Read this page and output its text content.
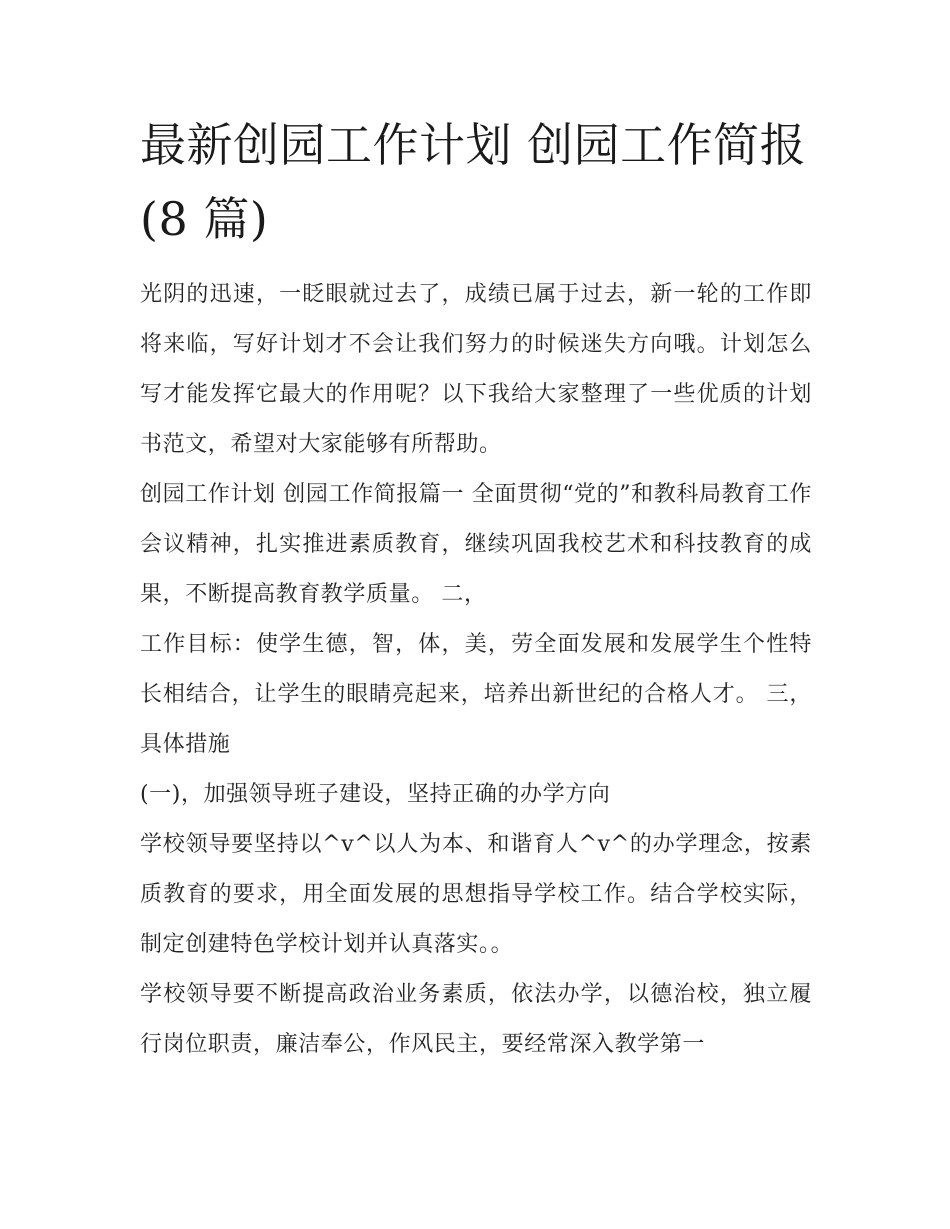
最新创园工作计划 创园工作简报(8 篇)

光阴的迅速，一眨眼就过去了，成绩已属于过去，新一轮的工作即将来临，写好计划才不会让我们努力的时候迷失方向哦。计划怎么写才能发挥它最大的作用呢？以下我给大家整理了一些优质的计划书范文，希望对大家能够有所帮助。

创园工作计划 创园工作简报篇一 全面贯彻“党的”和教科局教育工作会议精神，扎实推进素质教育，继续巩固我校艺术和科技教育的成果，不断提高教育教学质量。 二，

工作目标：使学生德，智，体，美，劳全面发展和发展学生个性特长相结合，让学生的眼睛亮起来，培养出新世纪的合格人才。 三， 具体措施

(一)，加强领导班子建设，坚持正确的办学方向

学校领导要坚持以^v^以人为本、和谐育人^v^的办学理念，按素质教育的要求，用全面发展的思想指导学校工作。结合学校实际，制定创建特色学校计划并认真落实。。

学校领导要不断提高政治业务素质，依法办学，以德治校，独立履行岗位职责，廉洁奉公，作风民主，要经常深入教学第一
